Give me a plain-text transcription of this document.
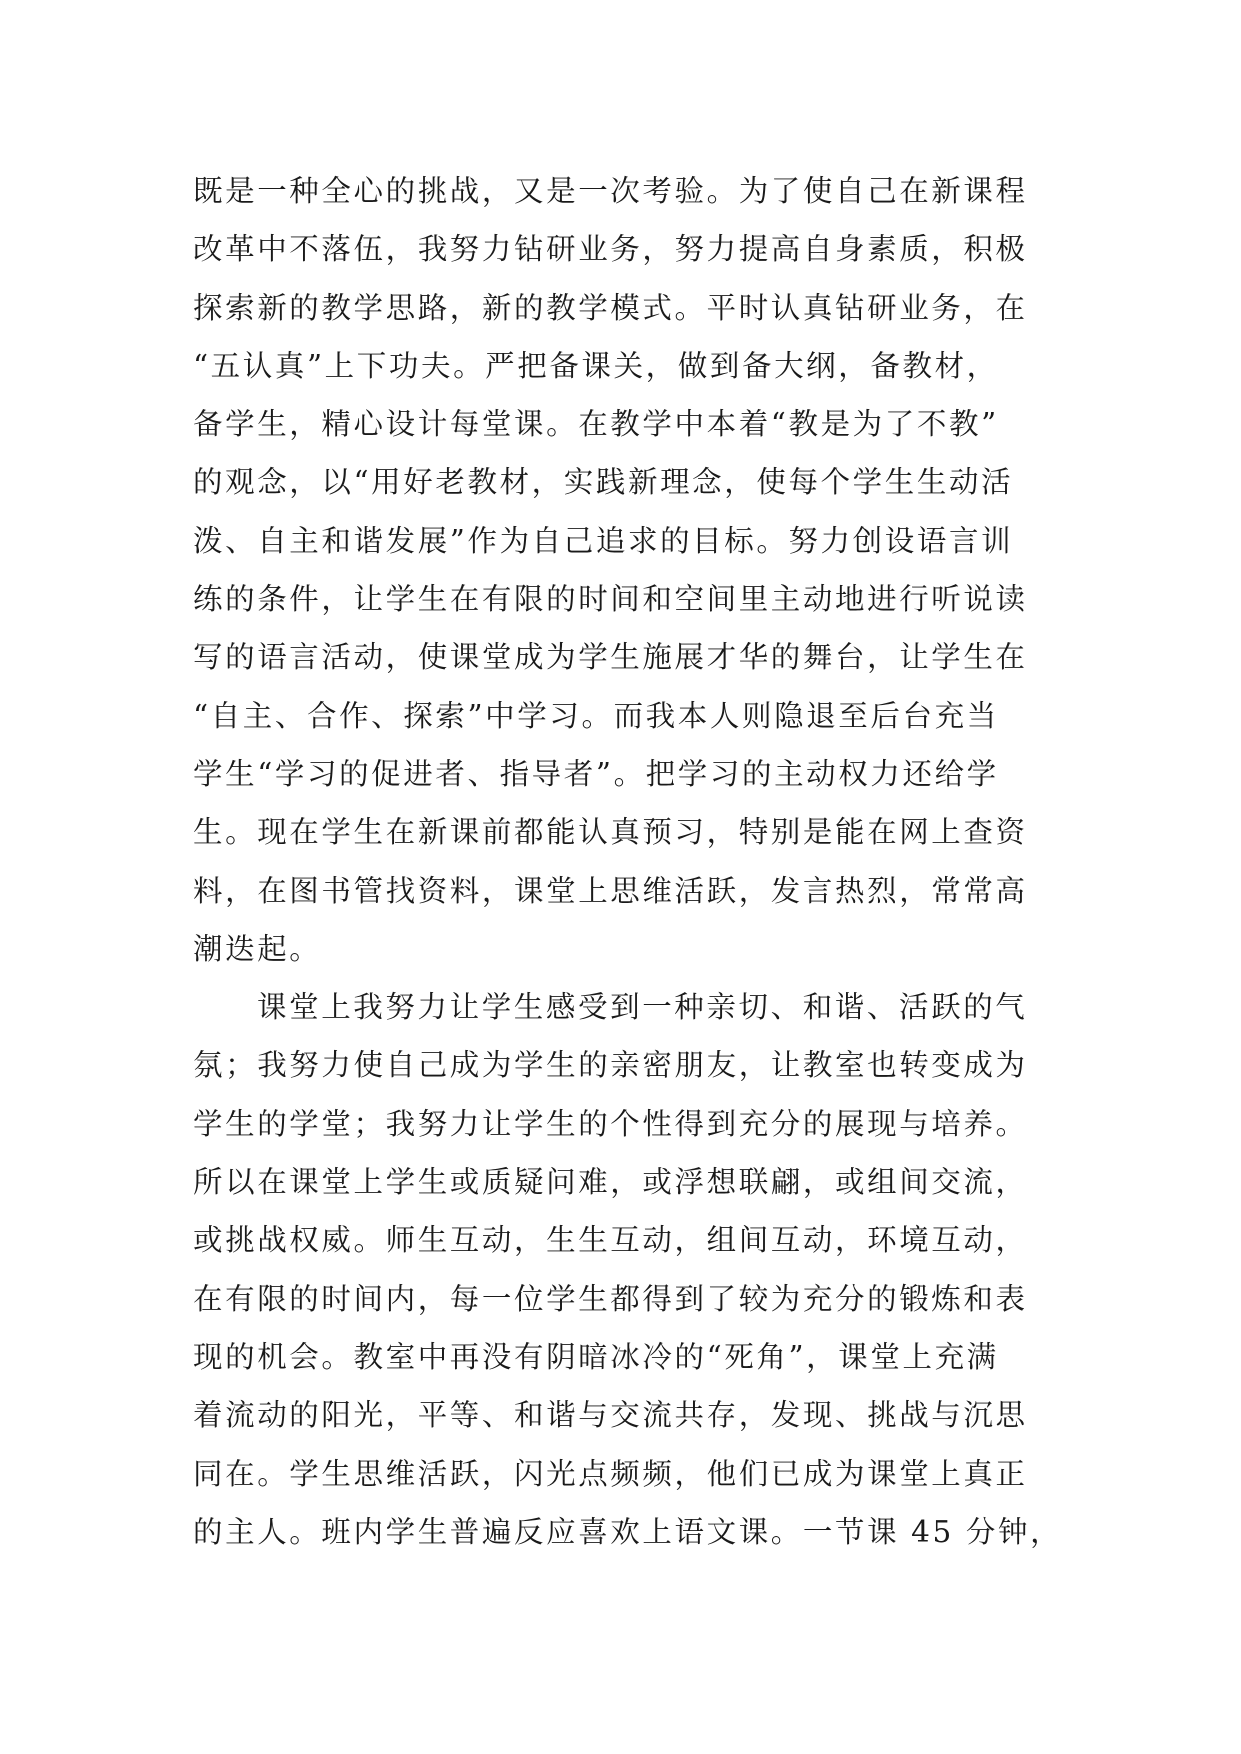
既是一种全心的挑战，又是一次考验。为了使自己在新课程
改革中不落伍，我努力钻研业务，努力提高自身素质，积极
探索新的教学思路，新的教学模式。平时认真钻研业务，在
“五认真”上下功夫。严把备课关，做到备大纲，备教材，
备学生，精心设计每堂课。在教学中本着“教是为了不教”
的观念，以“用好老教材，实践新理念，使每个学生生动活
泼、自主和谐发展”作为自己追求的目标。努力创设语言训
练的条件，让学生在有限的时间和空间里主动地进行听说读
写的语言活动，使课堂成为学生施展才华的舞台，让学生在
“自主、合作、探索”中学习。而我本人则隐退至后台充当
学生“学习的促进者、指导者”。把学习的主动权力还给学
生。现在学生在新课前都能认真预习，特别是能在网上查资
料，在图书管找资料，课堂上思维活跃，发言热烈，常常高
潮迭起。
课堂上我努力让学生感受到一种亲切、和谐、活跃的气
氛；我努力使自己成为学生的亲密朋友，让教室也转变成为
学生的学堂；我努力让学生的个性得到充分的展现与培养。
所以在课堂上学生或质疑问难，或浮想联翩，或组间交流，
或挑战权威。师生互动，生生互动，组间互动，环境互动，
在有限的时间内，每一位学生都得到了较为充分的锻炼和表
现的机会。教室中再没有阴暗冰冷的“死角”，课堂上充满
着流动的阳光，平等、和谐与交流共存，发现、挑战与沉思
同在。学生思维活跃，闪光点频频，他们已成为课堂上真正
的主人。班内学生普遍反应喜欢上语文课。一节课 45 分钟，
